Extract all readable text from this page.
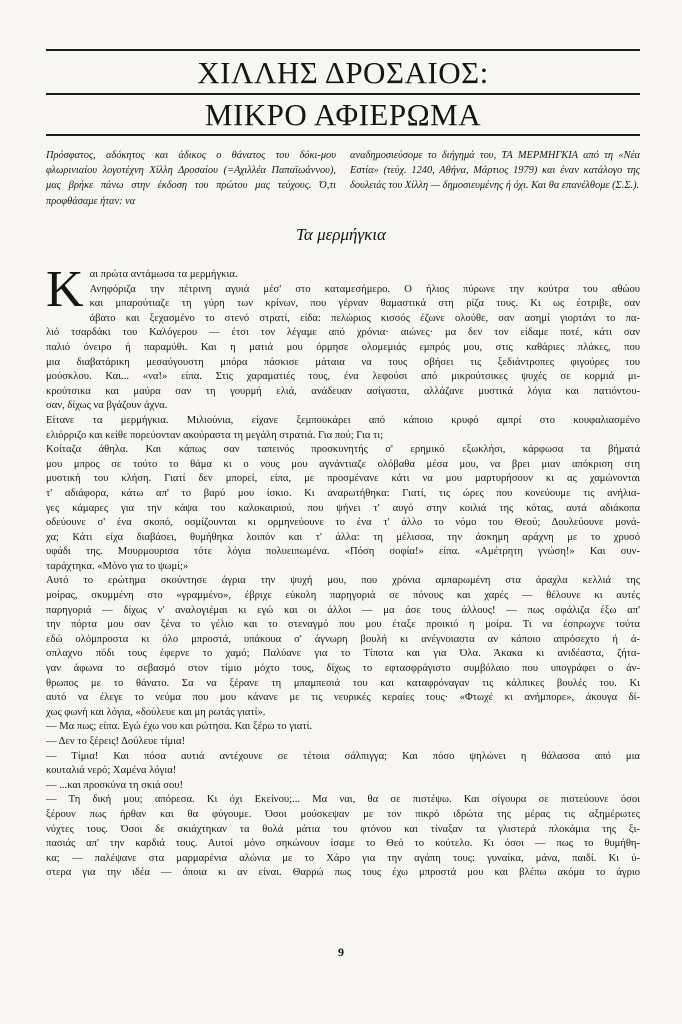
ΧΙΛΛΗΣ ΔΡΟΣΑΙΟΣ:
ΜΙΚΡΟ ΑΦΙΕΡΩΜΑ
Πρόσφατος, αδόκητος και άδικος ο θάνατος του δόκι-μου φλωρινιαίου λογοτέχνη Χίλλη Δροσαίου (=Αχιλλέα Παπαϊωάννου), μας βρήκε πάνω στην έκδοση του πρώτου μας τεύχους. Ό,τι προφθάσαμε ήταν: να
αναδημοσιεύσομε το διήγημά του, ΤΑ ΜΕΡΜΗΓΚΙΑ από τη «Νέα Εστία» (τεύχ. 1240, Αθήνα, Μάρτιος 1979) και έναν κατάλογο της δουλειάς του Χίλλη — δημοσιευμένης ή όχι. Και θα επανέλθομε (Σ.Σ.).
Τα μερμήγκια
Κ αι πρώτα αντάμωσα τα μερμήγκια.
Ανηφόριζα την πέτρινη αγυιά μέσ' στο καταμεσήμερο. Ο ήλιος πύρωνε την κούτρα του αθώου
και μπαρούτιαζε τη γύρη των κρίνων, που γέρναν θαμαστικά στη ρίζα τους. Κι ως έστριβε, σαν
άβατο και ξεχασμένο το στενό στρατί, είδα: πελώριος κισσός έζωνε ολούθε, σαν ασημί γιορτάνι το πα-
λιό τσαρδάκι του Καλόγερου — έτσι τον λέγαμε από χρόνια· αιώνες· μα δεν τον είδαμε ποτέ, κάτι σαν
παλιό όνειρο ή παραμύθι. Και η ματιά μου όρμησε ολομεμιάς εμπρός μου, στις καθάριες πλάκες, που
μια διαβατάρικη μεσαύγουστη μπόρα πάσκισε μάταια να τους σβήσει τις ξεδιάντροπες φιγούρες του
μούσκλου. Και... «να!» είπα. Στις χαραματιές τους, ένα λεφούσι από μικρούτσικες ψυχές σε κορμιά μι-
κρούτσικα και μαύρα σαν τη γουρμή ελιά, ανάδευαν ασίγαστα, αλλάζανε μυστικά λόγια και πατιόντου-
σαν, δίχως να βγάζουν άχνα.
Είτανε τα μερμήγκια. Μιλιούνια, είχανε ξεμπουκάρει από κάποιο κρυφό αμπρί στο κουφαλιασμένο
ελιόρριζο και κείθε πορεύονταν ακούραστα τη μεγάλη στρατιά. Για πού; Για τι;
Κοίταζα άθηλα. Και κάπως σαν ταπεινός προσκυνητής σ' ερημικό εξωκλήσι, κάρφωσα τα βήματά
μου μπρος σε τούτο το θάμα κι ο νους μου αγνάντιαζε ολόβαθα μέσα μου, να βρει μιαν απόκριση στη
μυστική του κλήση. Γιατί δεν μπορεί, είπα, με προσμένανε κάτι να μου μαρτυρήσουν κι ας χαμώνονται
τ' αδιάφορα, κάτω απ' το βαρύ μου ίσκιο. Κι αναρωτήθηκα: Γιατί, τις ώρες που κονεύουμε τις ανήλια-
γες κάμαρες για την κάψα του καλοκαιριού, που ψήνει τ' αυγό στην κοιλιά της κότας, αυτά αδιάκοπα
οδεύουνε σ' ένα σκοπό, οσμίζουνται κι ορμηνεύουνε το ένα τ' άλλο το νόμο του Θεού; Δουλεύουνε μονά-
χα; Κάτι είχα διαβάσει, θυμήθηκα λοιπόν και τ' άλλα: τη μέλισσα, την άσκημη αράχνη με το χρυσό
υφάδι της. Μουρμουρισα τότε λόγια πολυειπωμένα. «Πόση σοφία!» είπα. «Αμέτρητη γνώση!» Και συν-
ταράχτηκα. «Μόνο για το ψωμί;»
Αυτό το ερώτημα σκούντησε άγρια την ψυχή μου, που χρόνια αμπαρωμένη στα άραχλα κελλιά της
μοίρας, σκυμμένη στο «γραμμένο», έβριχε εύκολη παρηγοριά σε πόνους και χαρές — θέλουνε κι αυτές
παρηγοριά — δίχως ν' αναλογιέμαι κι εγώ και οι άλλοι — μα άσε τους άλλους! — πως σφάλιζα έξω απ'
την πόρτα μου σαν ξένα το γέλιο και το στεναγμό που μου έταξε προικιό η μοίρα. Τι να έσπρωχνε τούτα
εδώ ολόμπροστα κι όλο μπροστά, υπάκουα σ' άγνωρη βουλή κι ανέγνοιαστα αν κάποιο απρόσεχτο ή ά-
σπλαχνο πόδι τους έφερνε το χαμό; Παλύανε για το Τίποτα και για Όλα. Άκακα κι ανιδέαστα, ζήτα-
γαν άφωνα το σεβασμό στον τίμιο μόχτο τους, δίχως το εφτασφράγιστο συμβόλαιο που υπογράφει ο άν-
θρωπος με το θάνατο. Σα να ξέρανε τη μπαμπεσιά του και καταφρόναγαν τις κάλπικες βουλές του. Κι
αυτό να έλεγε το νεύμα που μου κάνανε με τις νευρικές κεραίες τους· «Φτωχέ κι ανήμπορε», άκουγα δί-
χως φωνή και λόγια, «δούλευε και μη ρωτάς γιατί».
— Μα πως; είπα. Εγώ έχω νου και ρώτησα. Και ξέρω το γιατί.
— Δεν το ξέρεις! Δούλευε τίμια!
— Τίμια! Και πόσα αυτιά αντέχουνε σε τέτοια σάλπιγγα; Και πόσο ψηλώνει η θάλασσα από μια
κουταλιά νερό; Χαμένα λόγια!
— ...και προσκύνα τη σκιά σου!
— Τη δική μου; απόρεσα. Κι όχι Εκείνου;... Μα ναι, θα σε πιστέψω. Και σίγουρα σε πιστεύουνε όσοι
ξέρουν πως ήρθαν και θα φύγουμε. Όσοι μούσκεψαν με τον πικρό ιδρώτα της μέρας τις αξημέρωτες
νύχτες τους. Όσοι δε σκιάχτηκαν τα θολά μάτια του φτόνου και τίναξαν τα γλιστερά πλοκάμια της ξι-
πασιάς απ' την καρδιά τους. Αυτοί μόνο σηκώνουν ίσαμε το Θεό το κούτελο. Κι όσοι — πως το θυμήθη-
κα; — παλέψανε στα μαρμαρένια αλώνια με το Χάρο για την αγάπη τους: γυναίκα, μάνα, παιδί. Κι ύ-
στερα για την ιδέα — όποια κι αν είναι. Θαρρώ πως τους έχω μπροστά μου και βλέπω ακόμα το άγριο
9
